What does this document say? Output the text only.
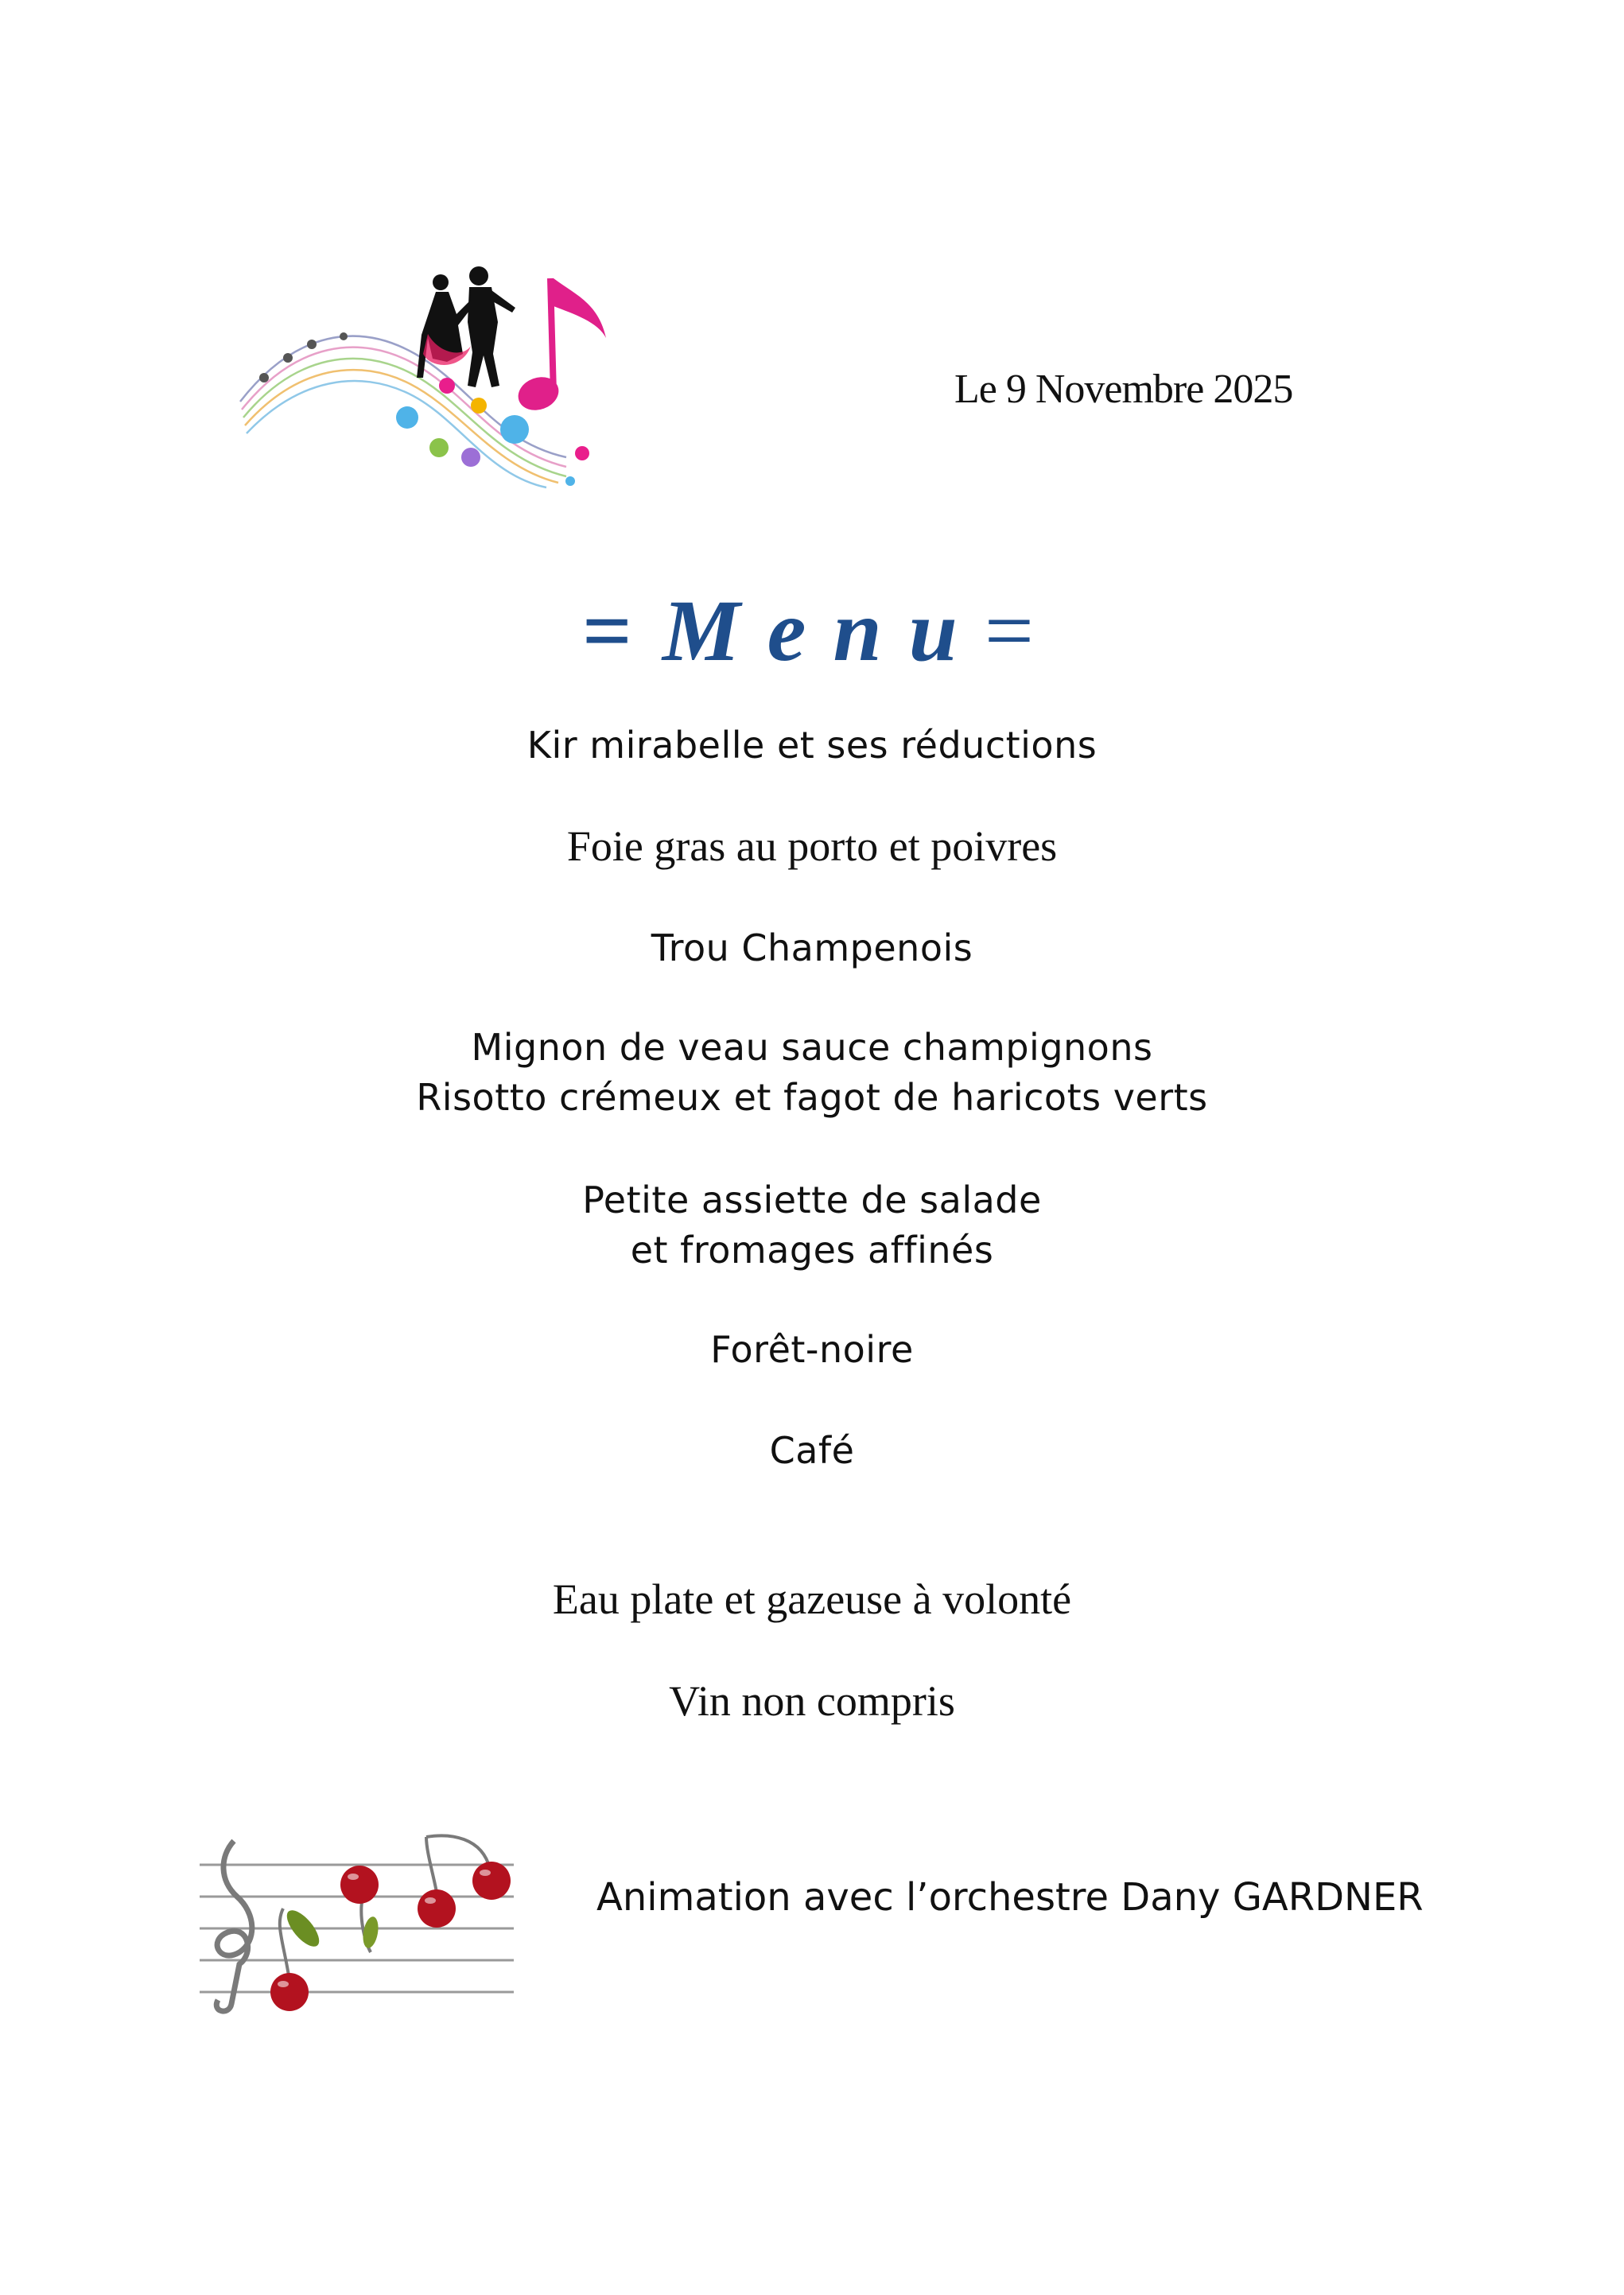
Le 9 Novembre 2025
= Menu=
Kir mirabelle et ses réductions
Foie gras au porto et poivres
Trou Champenois
Mignon de veau sauce champignons
Risotto crémeux et fagot de haricots verts
Petite assiette de salade
et fromages affinés
Forêt-noire
Café
Eau plate et gazeuse à volonté
Vin non compris
Animation avec l’orchestre Dany GARDNER
